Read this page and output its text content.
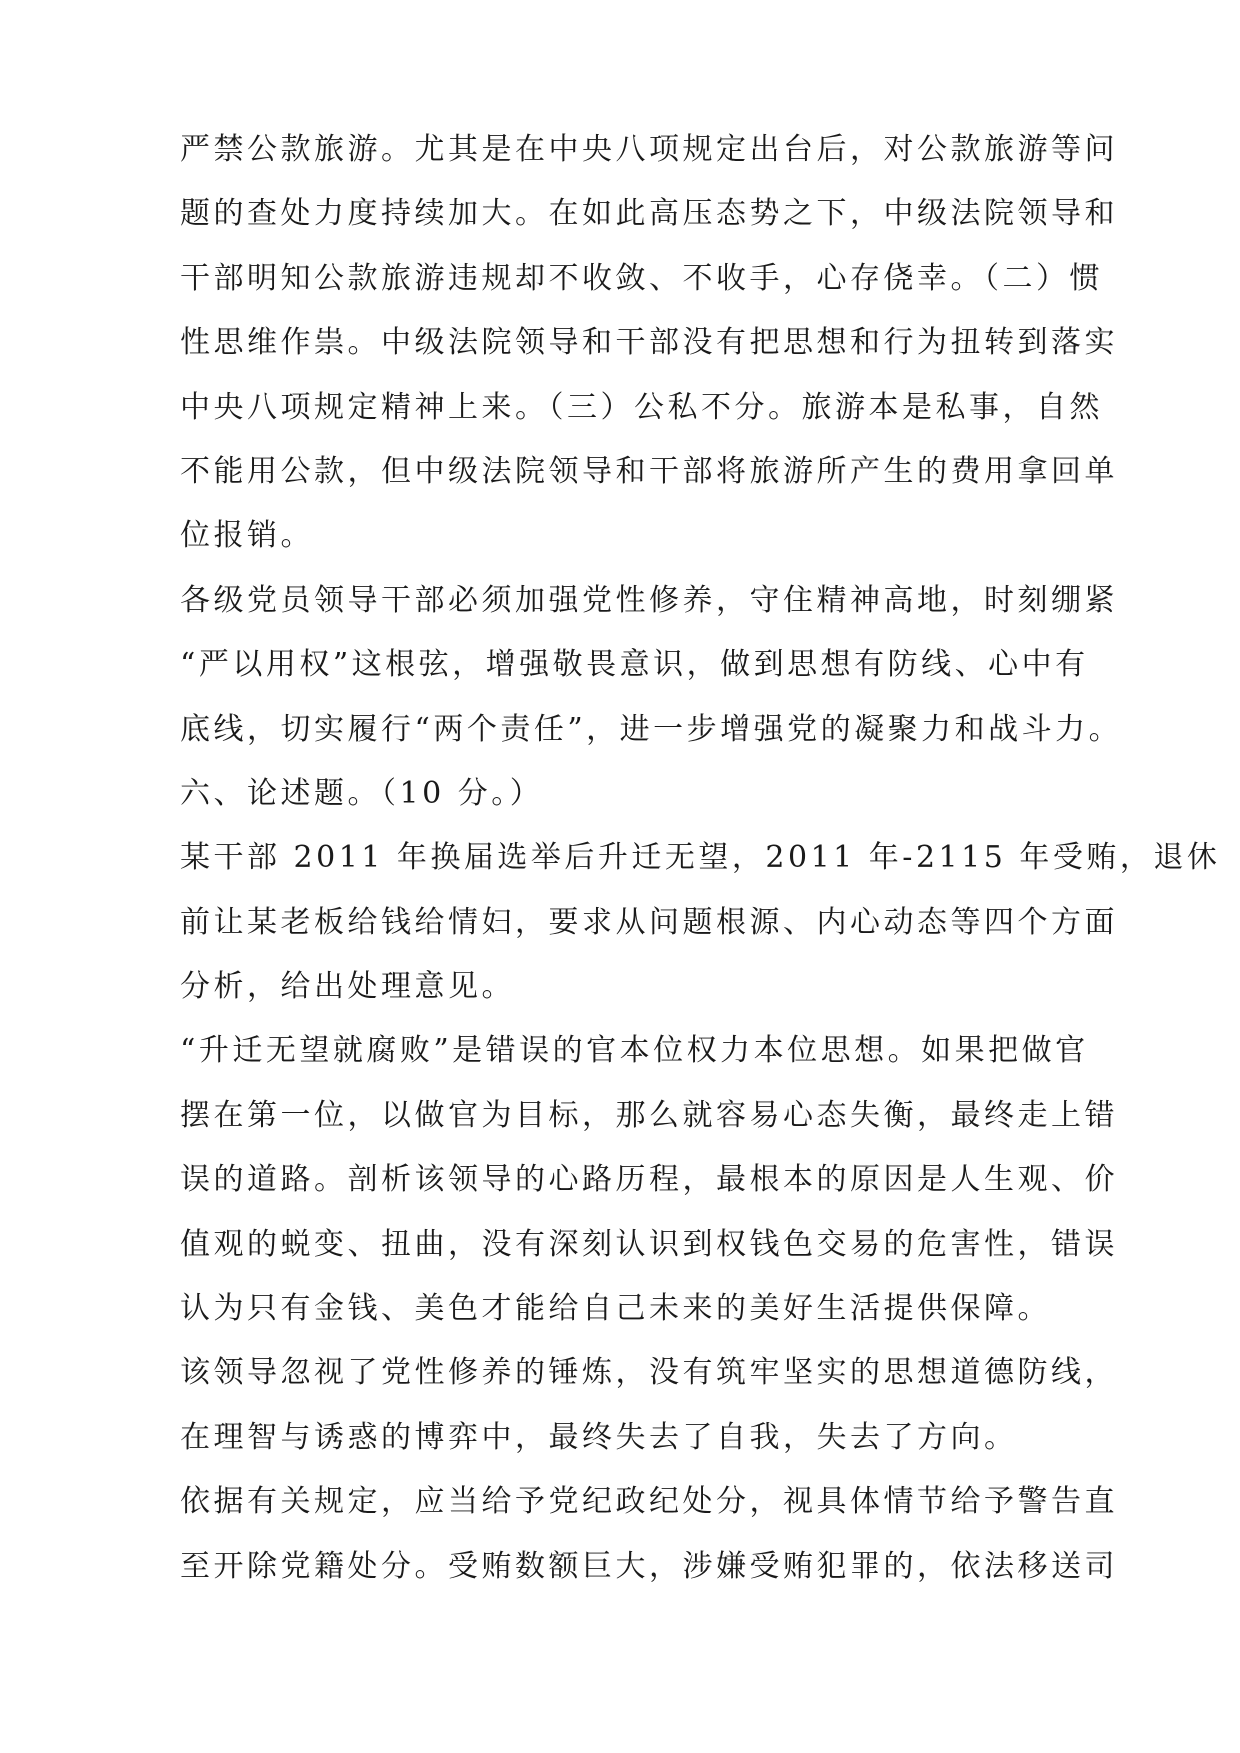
严禁公款旅游。尤其是在中央八项规定出台后，对公款旅游等问
题的查处力度持续加大。在如此高压态势之下，中级法院领导和
干部明知公款旅游违规却不收敛、不收手，心存侥幸。（二）惯
性思维作祟。中级法院领导和干部没有把思想和行为扭转到落实
中央八项规定精神上来。（三）公私不分。旅游本是私事，自然
不能用公款，但中级法院领导和干部将旅游所产生的费用拿回单
位报销。
各级党员领导干部必须加强党性修养，守住精神高地，时刻绷紧
“严以用权”这根弦，增强敬畏意识，做到思想有防线、心中有
底线，切实履行“两个责任”，进一步增强党的凝聚力和战斗力。
六、论述题。（10 分。）
某干部 2011 年换届选举后升迁无望，2011 年-2115 年受贿，退休
前让某老板给钱给情妇，要求从问题根源、内心动态等四个方面
分析，给出处理意见。
“升迁无望就腐败”是错误的官本位权力本位思想。如果把做官
摆在第一位，以做官为目标，那么就容易心态失衡，最终走上错
误的道路。剖析该领导的心路历程，最根本的原因是人生观、价
值观的蜕变、扭曲，没有深刻认识到权钱色交易的危害性，错误
认为只有金钱、美色才能给自己未来的美好生活提供保障。
该领导忽视了党性修养的锤炼，没有筑牢坚实的思想道德防线，
在理智与诱惑的博弈中，最终失去了自我，失去了方向。
依据有关规定，应当给予党纪政纪处分，视具体情节给予警告直
至开除党籍处分。受贿数额巨大，涉嫌受贿犯罪的，依法移送司
